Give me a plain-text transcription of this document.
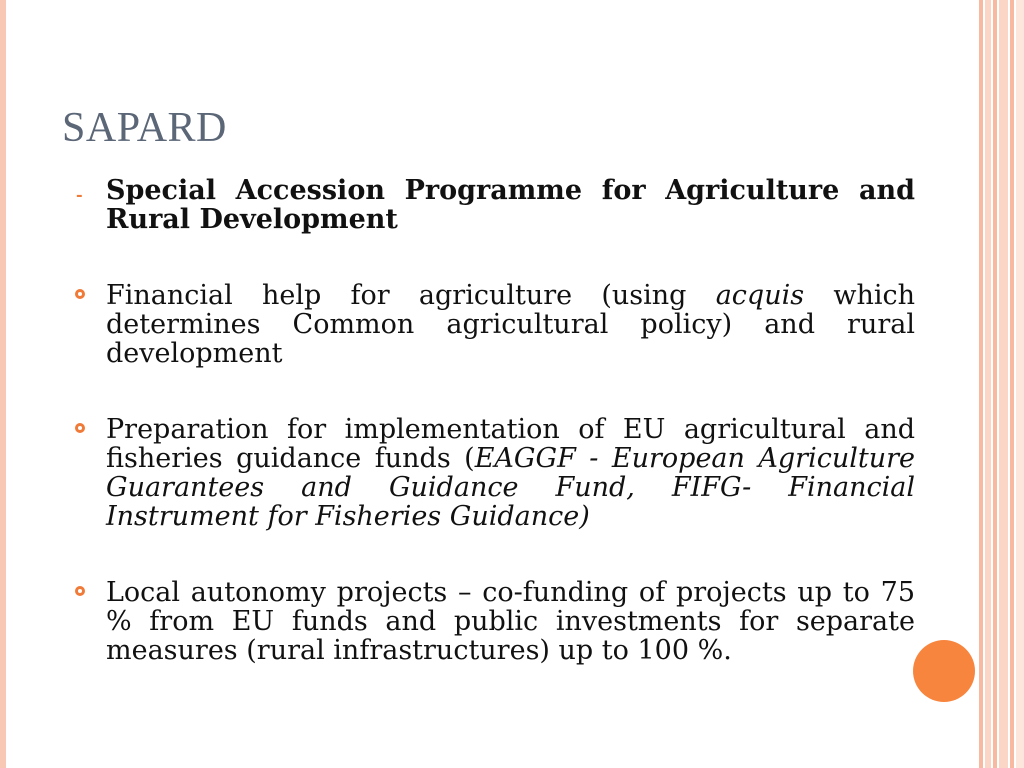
SAPARD
- Special Accession Programme for Agriculture and Rural Development
Financial help for agriculture (using acquis which determines Common agricultural policy) and rural development
Preparation for implementation of EU agricultural and fisheries guidance funds (EAGGF - European Agriculture Guarantees and Guidance Fund, FIFG- Financial Instrument for Fisheries Guidance)
Local autonomy projects – co-funding of projects up to 75 % from EU funds and public investments for separate measures (rural infrastructures) up to 100 %.
